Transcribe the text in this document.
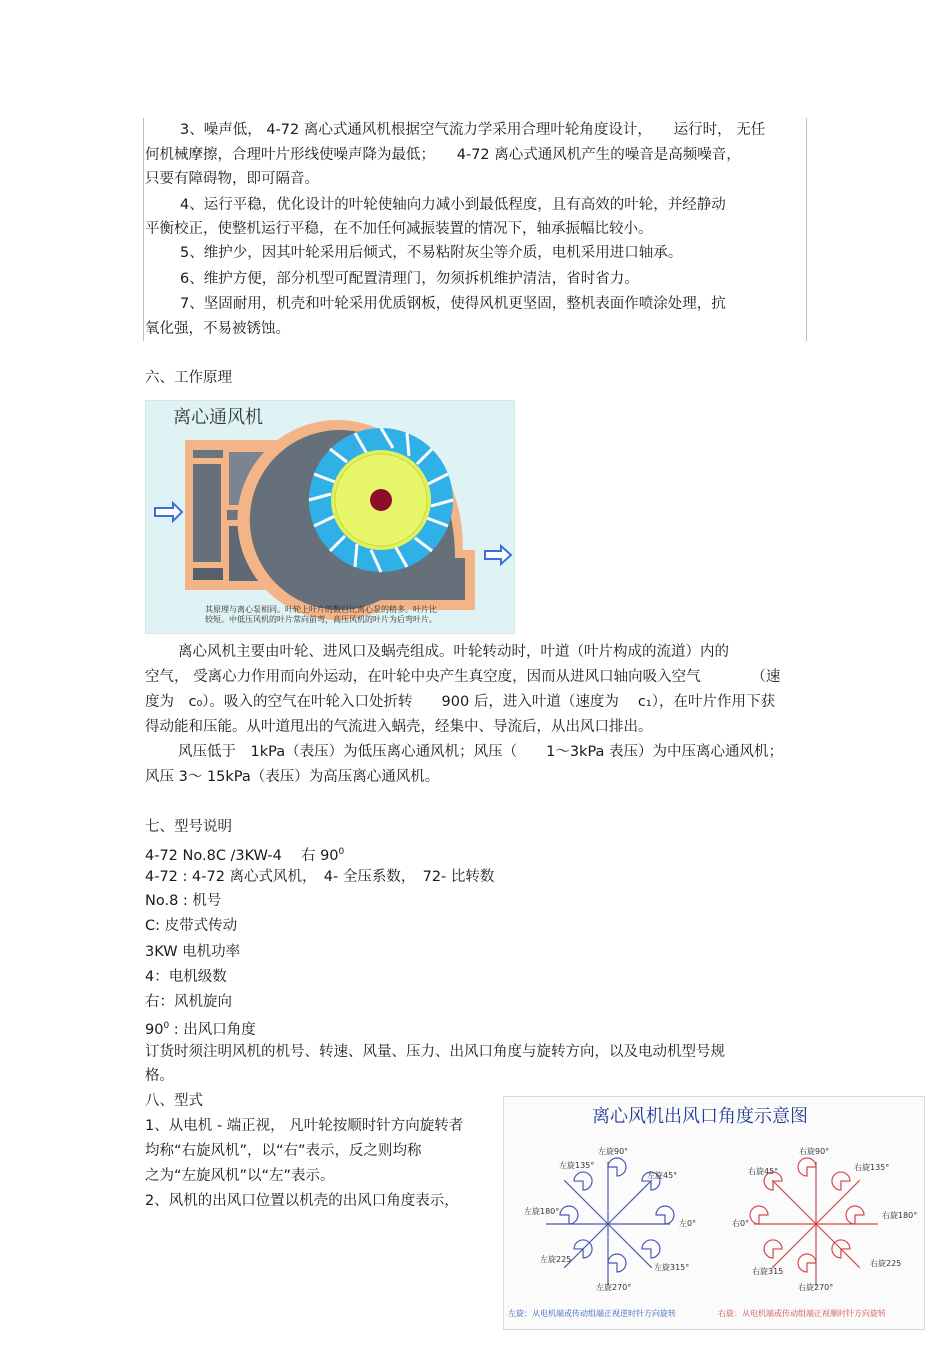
3、噪声低， 4-72 离心式通风机根据空气流力学采用合理叶轮角度设计，　　运行时， 无任
何机械摩擦，合理叶片形线使噪声降为最低；　　4-72 离心式通风机产生的噪音是高频噪音，
只要有障碍物，即可隔音。
4、运行平稳，优化设计的叶轮使轴向力减小到最低程度，且有高效的叶轮，并经静动
平衡校正，使整机运行平稳，在不加任何减振装置的情况下，轴承振幅比较小。
5、维护少，因其叶轮采用后倾式，不易粘附灰尘等介质，电机采用进口轴承。
6、维护方便，部分机型可配置清理门，勿须拆机维护清洁，省时省力。
7、坚固耐用，机壳和叶轮采用优质钢板，使得风机更坚固，整机表面作喷涂处理，抗
氧化强，不易被锈蚀。
六、工作原理
离心通风机
其原理与离心泵相同。叶轮上叶片的数目比离心泵的稍多。叶片比
较短。中低压风机的叶片常向前弯，高压风机的叶片为后弯叶片。
离心风机主要由叶轮、进风口及蜗壳组成。叶轮转动时，叶道（叶片构成的流道）内的
空气， 受离心力作用而向外运动，在叶轮中央产生真空度，因而从进风口轴向吸入空气　　　　（速
度为　c₀）。吸入的空气在叶轮入口处折转　　900 后，进入叶道（速度为　 c₁），在叶片作用下获
得动能和压能。从叶道甩出的气流进入蜗壳，经集中、导流后，从出风口排出。
风压低于　1kPa（表压）为低压离心通风机；风压（　　1～3kPa 表压）为中压离心通风机；
风压 3～ 15kPa（表压）为高压离心通风机。
七、型号说明
4-72 No.8C /3KW-4　 右 $90^0$
4-72 : 4-72 离心式风机，　4- 全压系数，　72- 比转数
No.8 : 机号
C: 皮带式传动
3KW 电机功率
4：电机级数
右：风机旋向
$90^0$ : 出风口角度
订货时须注明风机的机号、转速、风量、压力、出风口角度与旋转方向，以及电动机型号规
格。
八、型式
1、从电机 - 端正视， 凡叶轮按顺时针方向旋转者
均称“右旋风机”，以“右”表示，反之则均称
之为“左旋风机”以“左”表示。
2、风机的出风口位置以机壳的出风口角度表示，
离心风机出风口角度示意图
左旋90°
左旋135°
左旋45°
左旋180°
左0°
左旋225
左旋315°
左旋270°
右旋90°
右旋45°	右旋135°
右0°
右旋180°
右旋315
右旋225
右旋270°
左旋：从电机端或传动组端正视逆时针方向旋转	右旋：从电机端或传动组端正视顺时针方向旋转
